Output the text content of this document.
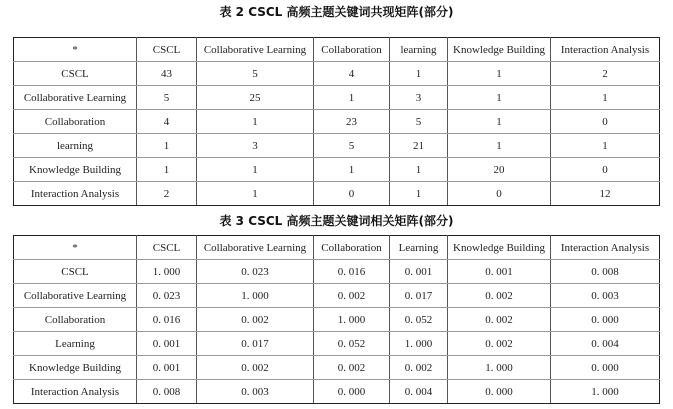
表 2 CSCL 高频主题关键词共现矩阵(部分)
*	CSCL	Collaborative Learning	Collaboration	learning	Knowledge Building	Interaction Analysis
CSCL	43	5	4	1	1	2
Collaborative Learning	5	25	1	3	1	1
Collaboration	4	1	23	5	1	0
learning	1	3	5	21	1	1
Knowledge Building	1	1	1	1	20	0
Interaction Analysis	2	1	0	1	0	12
表 3 CSCL 高频主题关键词相关矩阵(部分)
*	CSCL	Collaborative Learning	Collaboration	Learning	Knowledge Building	Interaction Analysis
CSCL	1. 000	0. 023	0. 016	0. 001	0. 001	0. 008
Collaborative Learning	0. 023	1. 000	0. 002	0. 017	0. 002	0. 003
Collaboration	0. 016	0. 002	1. 000	0. 052	0. 002	0. 000
Learning	0. 001	0. 017	0. 052	1. 000	0. 002	0. 004
Knowledge Building	0. 001	0. 002	0. 002	0. 002	1. 000	0. 000
Interaction Analysis	0. 008	0. 003	0. 000	0. 004	0. 000	1. 000
